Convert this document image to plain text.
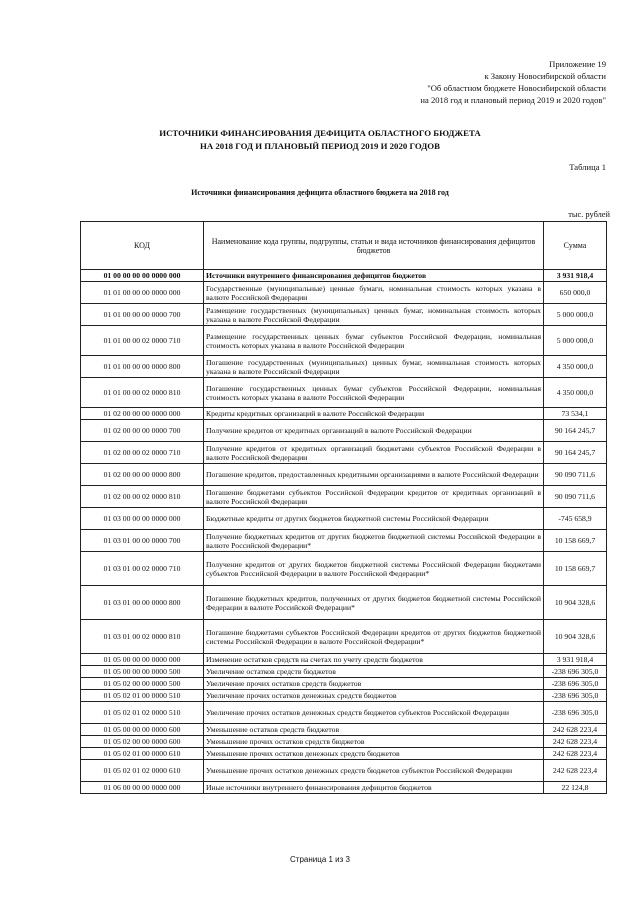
Приложение 19
к Закону Новосибирской области
"Об областном бюджете Новосибирской области
на 2018 год и плановый период 2019 и 2020 годов"
ИСТОЧНИКИ ФИНАНСИРОВАНИЯ ДЕФИЦИТА ОБЛАСТНОГО БЮДЖЕТА
НА 2018 ГОД И ПЛАНОВЫЙ ПЕРИОД 2019 И 2020 ГОДОВ
Таблица 1
Источники финансирования дефицита областного бюджета на 2018 год
тыс. рублей
КОД	Наименование кода группы, подгруппы, статьи и вида источников финансирования дефицитов бюджетов	Сумма
01 00 00 00 00 0000 000	Источники внутреннего финансирования дефицитов бюджетов	3 931 918,4
01 01 00 00 00 0000 000	Государственные (муниципальные) ценные бумаги, номинальная стоимость которых указана в валюте Российской Федерации	650 000,0
01 01 00 00 00 0000 700	Размещение государственных (муниципальных) ценных бумаг, номинальная стоимость которых указана в валюте Российской Федерации	5 000 000,0
01 01 00 00 02 0000 710	Размещение государственных ценных бумаг субъектов Российской Федерации, номинальная стоимость которых указана в валюте Российской Федерации	5 000 000,0
01 01 00 00 00 0000 800	Погашение государственных (муниципальных) ценных бумаг, номинальная стоимость которых указана в валюте Российской Федерации	4 350 000,0
01 01 00 00 02 0000 810	Погашение государственных ценных бумаг субъектов Российской Федерации, номинальная стоимость которых указана в валюте Российской Федерации	4 350 000,0
01 02 00 00 00 0000 000	Кредиты кредитных организаций в валюте Российской Федерации	73 534,1
01 02 00 00 00 0000 700	Получение кредитов от кредитных организаций в валюте Российской Федерации	90 164 245,7
01 02 00 00 02 0000 710	Получение кредитов от кредитных организаций бюджетами субъектов Российской Федерации в валюте Российской Федерации	90 164 245,7
01 02 00 00 00 0000 800	Погашение кредитов, предоставленных кредитными организациями в валюте Российской Федерации	90 090 711,6
01 02 00 00 02 0000 810	Погашение бюджетами субъектов Российской Федерации кредитов от кредитных организаций в валюте Российской Федерации	90 090 711,6
01 03 00 00 00 0000 000	Бюджетные кредиты от других бюджетов бюджетной системы Российской Федерации	-745 658,9
01 03 01 00 00 0000 700	Получение бюджетных кредитов от других бюджетов бюджетной системы Российской Федерации в валюте Российской Федерации*	10 158 669,7
01 03 01 00 02 0000 710	Получение кредитов от других бюджетов бюджетной системы Российской Федерации бюджетами субъектов Российской Федерации в валюте Российской Федерации*	10 158 669,7
01 03 01 00 00 0000 800	Погашение бюджетных кредитов, полученных от других бюджетов бюджетной системы Российской Федерации в валюте Российской Федерации*	10 904 328,6
01 03 01 00 02 0000 810	Погашение бюджетами субъектов Российской Федерации кредитов от других бюджетов бюджетной системы Российской Федерации в валюте Российской Федерации*	10 904 328,6
01 05 00 00 00 0000 000	Изменение остатков средств на счетах по учету средств бюджетов	3 931 918,4
01 05 00 00 00 0000 500	Увеличение остатков средств бюджетов	-238 696 305,0
01 05 02 00 00 0000 500	Увеличение прочих остатков средств бюджетов	-238 696 305,0
01 05 02 01 00 0000 510	Увеличение прочих остатков денежных средств бюджетов	-238 696 305,0
01 05 02 01 02 0000 510	Увеличение прочих остатков денежных средств бюджетов субъектов Российской Федерации	-238 696 305,0
01 05 00 00 00 0000 600	Уменьшение остатков средств бюджетов	242 628 223,4
01 05 02 00 00 0000 600	Уменьшение прочих остатков средств бюджетов	242 628 223,4
01 05 02 01 00 0000 610	Уменьшение прочих остатков денежных средств бюджетов	242 628 223,4
01 05 02 01 02 0000 610	Уменьшение прочих остатков денежных средств бюджетов субъектов Российской Федерации	242 628 223,4
01 06 00 00 00 0000 000	Иные источники внутреннего финансирования дефицитов бюджетов	22 124,8
Страница 1 из 3
